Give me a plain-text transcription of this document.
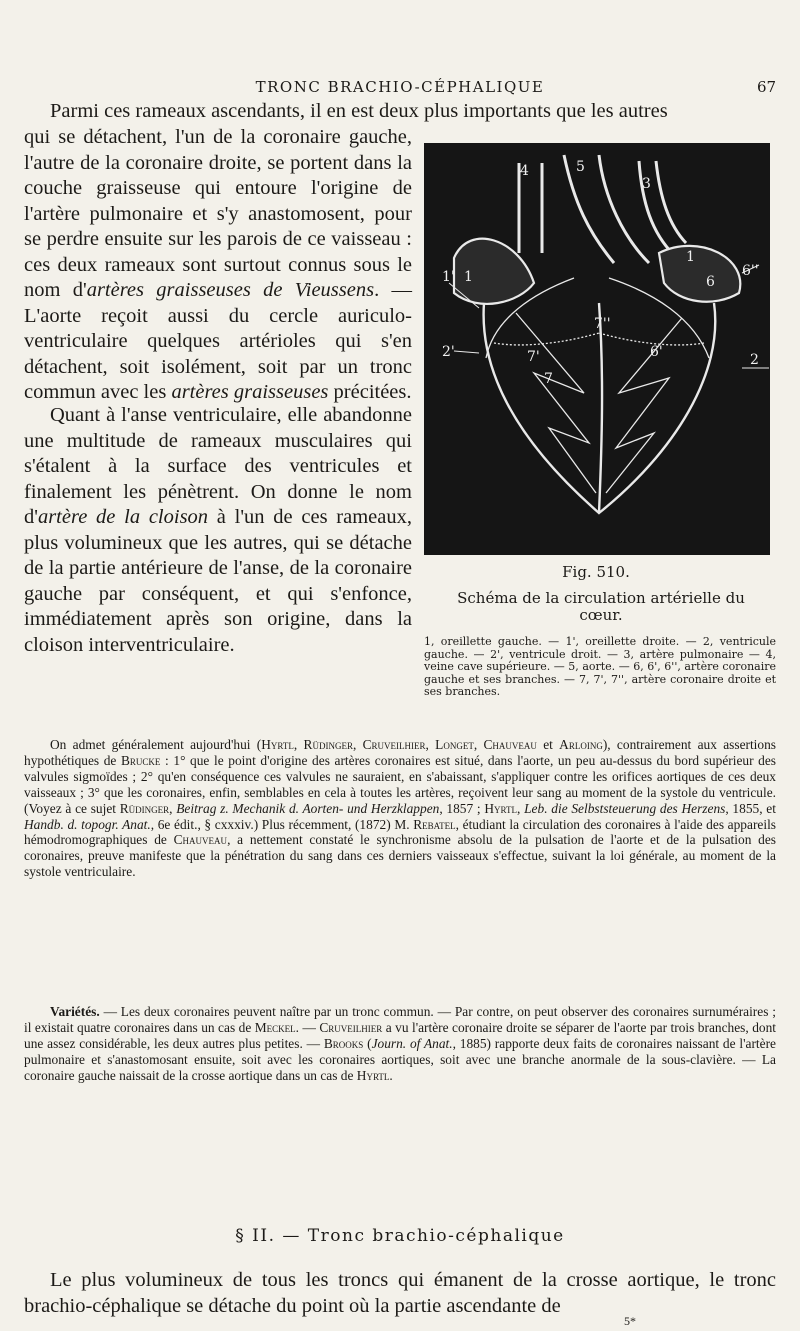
TRONC BRACHIO-CÉPHALIQUE	67

Parmi ces rameaux ascendants, il en est deux plus importants que les autres

qui se détachent, l'un de la coronaire gauche, l'autre de la coronaire droite, se portent dans la couche graisseuse qui entoure l'origine de l'artère pulmonaire et s'y anastomosent, pour se perdre ensuite sur les parois de ce vaisseau : ces deux rameaux sont surtout connus sous le nom d'artères graisseuses de Vieussens. — L'aorte reçoit aussi du cercle auriculo-ventriculaire quelques artérioles qui s'en détachent, soit isolément, soit par un tronc commun avec les artères graisseuses précitées.

Quant à l'anse ventriculaire, elle abandonne une multitude de rameaux musculaires qui s'étalent à la surface des ventricules et finalement les pénètrent. On donne le nom d'artère de la cloison à l'un de ces rameaux, plus volumineux que les autres, qui se détache de la partie antérieure de l'anse, de la coronaire gauche par conséquent, et qui s'enfonce, immédiatement après son origine, dans la cloison interventriculaire.

4	5
3
1
1'
1
6
6''
7''
6'
7'
7
2'	2
Fig. 510.
Schéma de la circulation artérielle du cœur.
1, oreillette gauche. — 1', oreillette droite. — 2, ventricule gauche. — 2', ventricule droit. — 3, artère pulmonaire — 4, veine cave supérieure. — 5, aorte. — 6, 6', 6'', artère coronaire gauche et ses branches. — 7, 7', 7'', artère coronaire droite et ses branches.

On admet généralement aujourd'hui (Hyrtl, Rüdinger, Cruveilhier, Longet, Chauveau et Arloing), contrairement aux assertions hypothétiques de Brucke : 1° que le point d'origine des artères coronaires est situé, dans l'aorte, un peu au-dessus du bord supérieur des valvules sigmoïdes ; 2° qu'en conséquence ces valvules ne sauraient, en s'abaissant, s'appliquer contre les orifices aortiques de ces deux vaisseaux ; 3° que les coronaires, enfin, semblables en cela à toutes les artères, reçoivent leur sang au moment de la systole du ventricule. (Voyez à ce sujet Rüdinger, Beitrag z. Mechanik d. Aorten- und Herzklappen, 1857 ; Hyrtl, Leb. die Selbststeuerung des Herzens, 1855, et Handb. d. topogr. Anat., 6e édit., § cxxxiv.) Plus récemment, (1872) M. Rebatel, étudiant la circulation des coronaires à l'aide des appareils hémodromographiques de Chauveau, a nettement constaté le synchronisme absolu de la pulsation de l'aorte et de la pulsation des coronaires, preuve manifeste que la pénétration du sang dans ces derniers vaisseaux s'effectue, suivant la loi générale, au moment de la systole ventriculaire.

Variétés. — Les deux coronaires peuvent naître par un tronc commun. — Par contre, on peut observer des coronaires surnuméraires ; il existait quatre coronaires dans un cas de Meckel. — Cruveilhier a vu l'artère coronaire droite se séparer de l'aorte par trois branches, dont une assez considérable, les deux autres plus petites. — Brooks (Journ. of Anat., 1885) rapporte deux faits de coronaires naissant de l'artère pulmonaire et s'anastomosant ensuite, soit avec les coronaires aortiques, soit avec une branche anormale de la sous-clavière. — La coronaire gauche naissait de la crosse aortique dans un cas de Hyrtl.

§ II. — Tronc brachio-céphalique

Le plus volumineux de tous les troncs qui émanent de la crosse aortique, le tronc brachio-céphalique se détache du point où la partie ascendante de

5*
